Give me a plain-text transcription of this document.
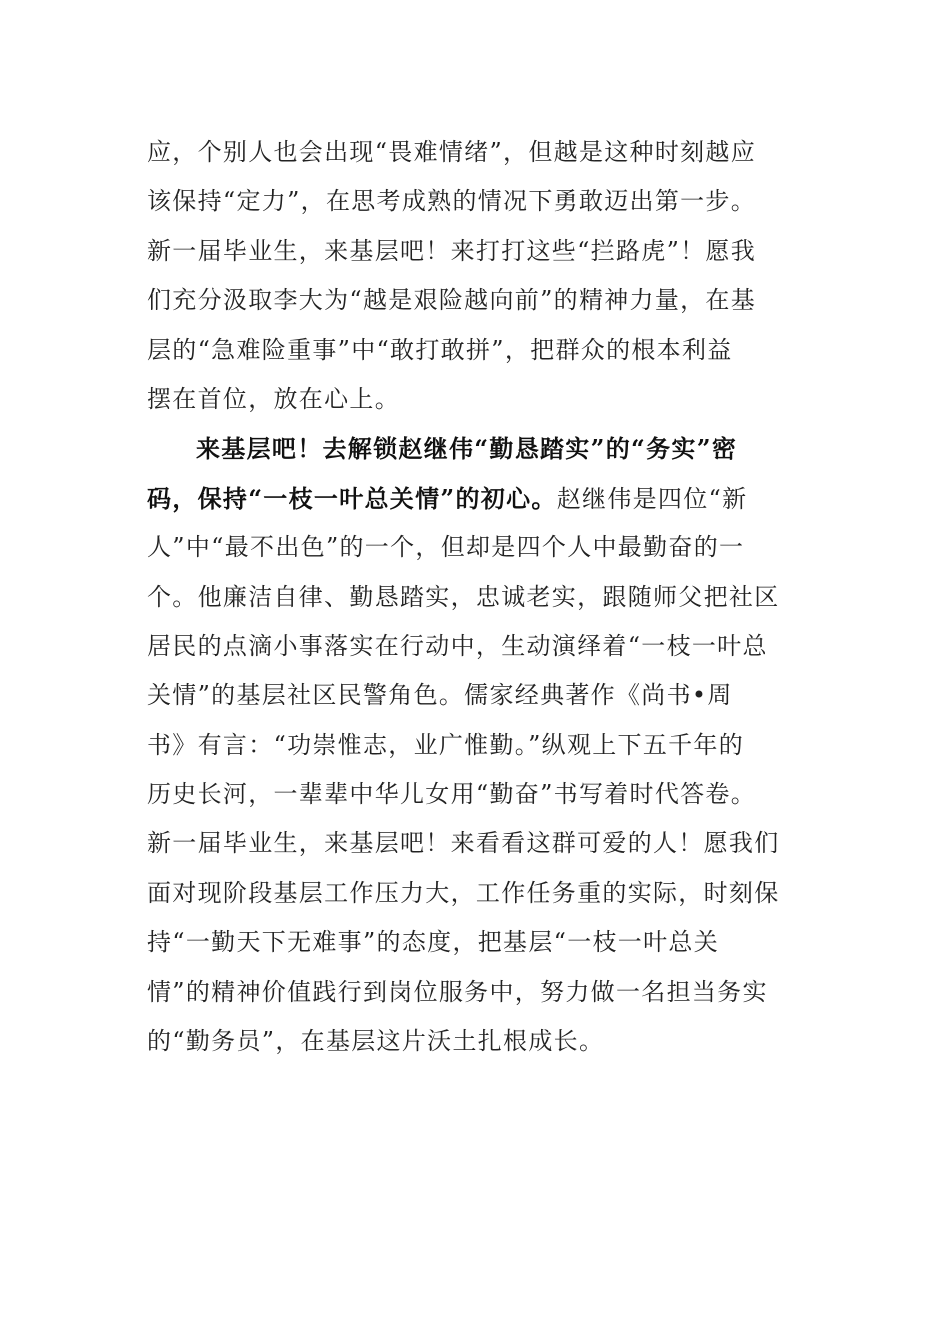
应，个别人也会出现“畏难情绪”，但越是这种时刻越应
该保持“定力”，在思考成熟的情况下勇敢迈出第一步。
新一届毕业生，来基层吧！来打打这些“拦路虎”！愿我
们充分汲取李大为“越是艰险越向前”的精神力量，在基
层的“急难险重事”中“敢打敢拼”，把群众的根本利益
摆在首位，放在心上。
来基层吧！去解锁赵继伟“勤恳踏实”的“务实”密
码，保持“一枝一叶总关情”的初心。赵继伟是四位“新
人”中“最不出色”的一个，但却是四个人中最勤奋的一
个。他廉洁自律、勤恳踏实，忠诚老实，跟随师父把社区
居民的点滴小事落实在行动中，生动演绎着“一枝一叶总
关情”的基层社区民警角色。儒家经典著作《尚书•周
书》有言：“功崇惟志，业广惟勤。”纵观上下五千年的
历史长河，一辈辈中华儿女用“勤奋”书写着时代答卷。
新一届毕业生，来基层吧！来看看这群可爱的人！愿我们
面对现阶段基层工作压力大，工作任务重的实际，时刻保
持“一勤天下无难事”的态度，把基层“一枝一叶总关
情”的精神价值践行到岗位服务中，努力做一名担当务实
的“勤务员”，在基层这片沃土扎根成长。
